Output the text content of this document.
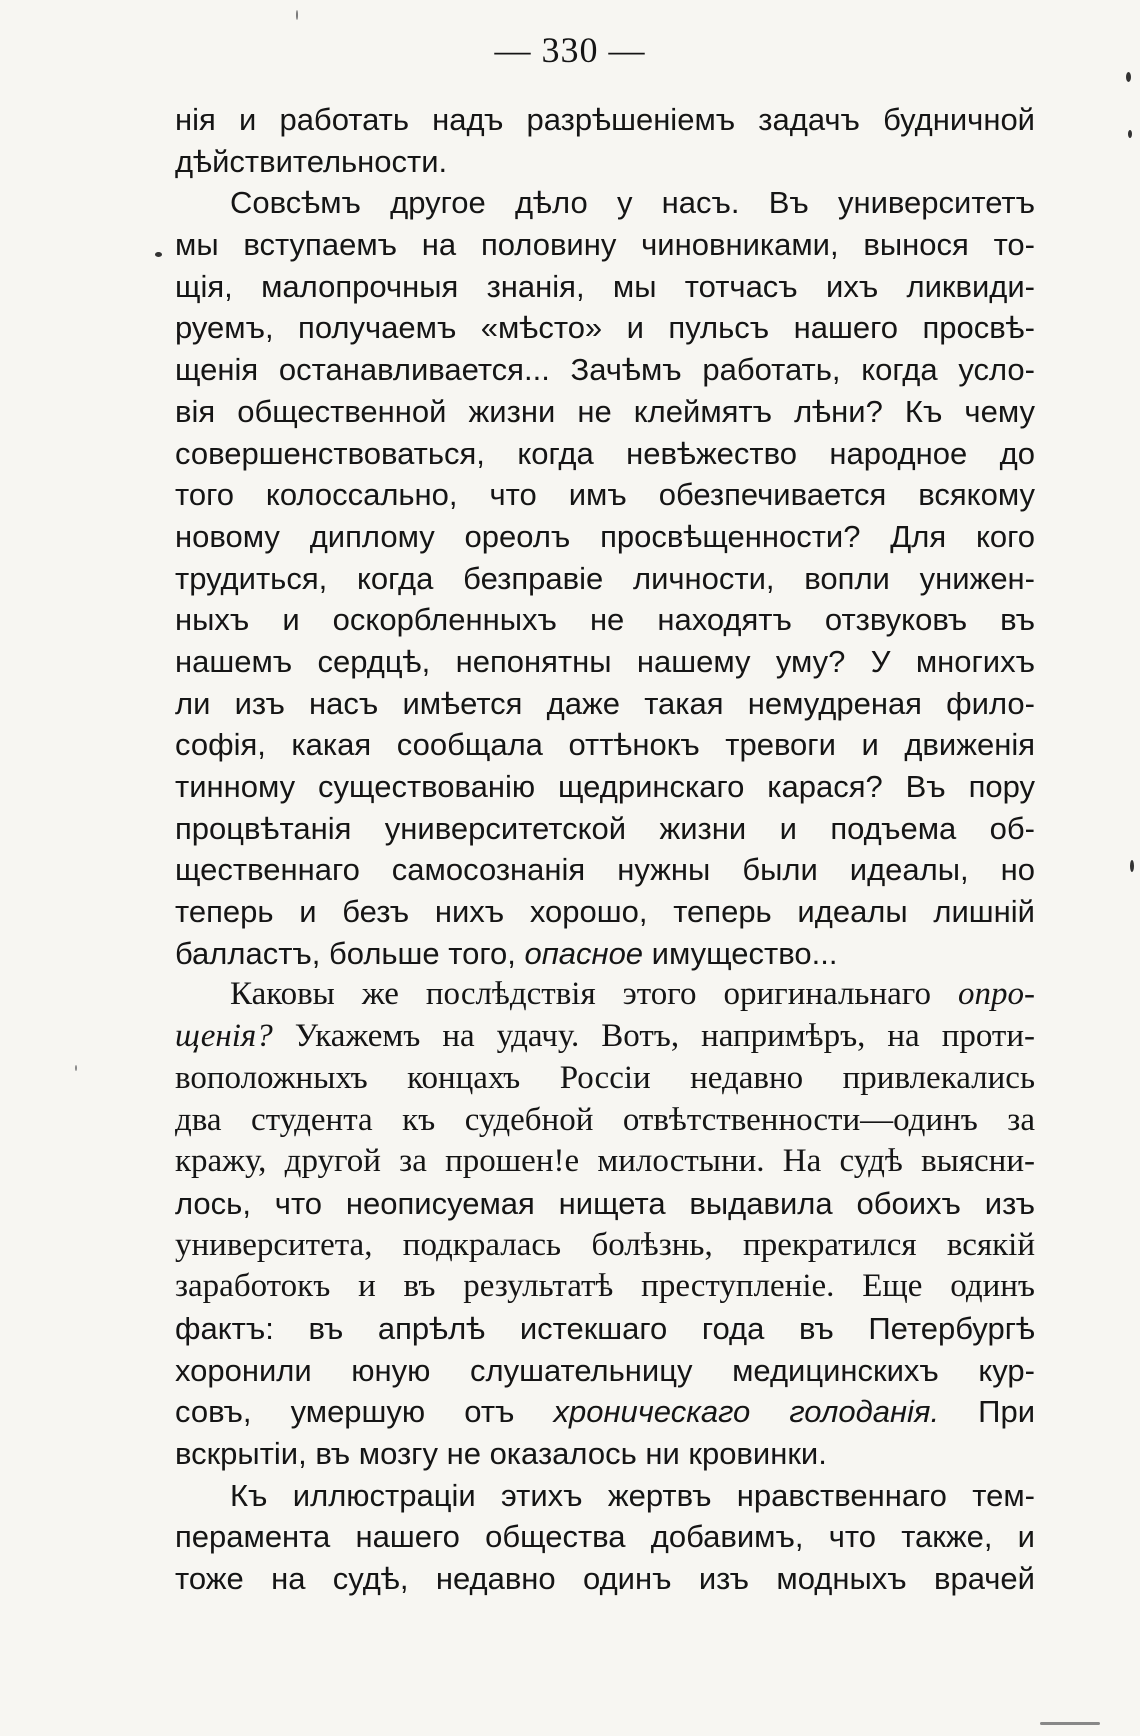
— 330 —
нія и работать надъ разрѣшеніемъ задачъ будничной
дѣйствительности.
Совсѣмъ другое дѣло у насъ. Въ университетъ
мы вступаемъ на половину чиновниками, вынося то-
щія, малопрочныя знанія, мы тотчасъ ихъ ликвиди-
руемъ, получаемъ «мѣсто» и пульсъ нашего просвѣ-
щенія останавливается... Зачѣмъ работать, когда усло-
вія общественной жизни не клеймятъ лѣни? Къ чему
совершенствоваться, когда невѣжество народное до
того колоссально, что имъ обезпечивается всякому
новому диплому ореолъ просвѣщенности? Для кого
трудиться, когда безправіе личности, вопли унижен-
ныхъ и оскорбленныхъ не находятъ отзвуковъ въ
нашемъ сердцѣ, непонятны нашему уму? У многихъ
ли изъ насъ имѣется даже такая немудреная фило-
софія, какая сообщала оттѣнокъ тревоги и движенія
тинному существованію щедринскаго карася? Въ пору
процвѣтанія университетской жизни и подъема об-
щественнаго самосознанія нужны были идеалы, но
теперь и безъ нихъ хорошо, теперь идеалы лишній
балластъ, больше того, опасное имущество...
Каковы же послѣдствія этого оригинальнаго опро-
щенія? Укажемъ на удачу. Вотъ, напримѣръ, на проти-
воположныхъ концахъ Россіи недавно привлекались
два студента къ судебной отвѣтственности—одинъ за
кражу, другой за прошен!е милостыни. На судѣ выясни-
лось, что неописуемая нищета выдавила обоихъ изъ
университета, подкралась болѣзнь, прекратился всякій
заработокъ и въ результатѣ преступленіе. Еще одинъ
фактъ: въ апрѣлѣ истекшаго года въ Петербургѣ
хоронили юную слушательницу медицинскихъ кур-
совъ, умершую отъ хроническаго голоданія. При
вскрытіи, въ мозгу не оказалось ни кровинки.
Къ иллюстраціи этихъ жертвъ нравственнаго тем-
перамента нашего общества добавимъ, что также, и
тоже на судѣ, недавно одинъ изъ модныхъ врачей
